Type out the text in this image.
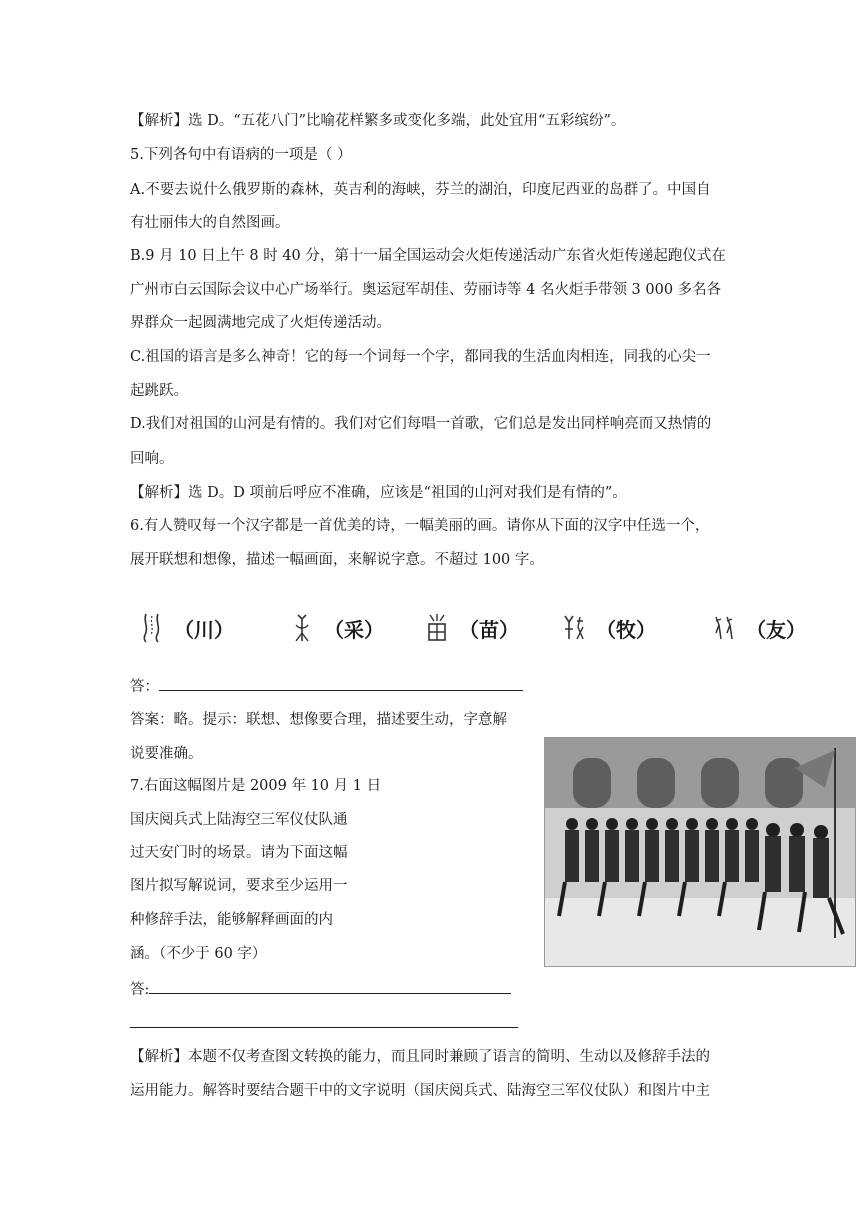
【解析】选 D。“五花八门”比喻花样繁多或变化多端，此处宜用“五彩缤纷”。
5.下列各句中有语病的一项是（ ）
A.不要去说什么俄罗斯的森林，英吉利的海峡，芬兰的湖泊，印度尼西亚的岛群了。中国自
有壮丽伟大的自然图画。
B.9 月 10 日上午 8 时 40 分，第十一届全国运动会火炬传递活动广东省火炬传递起跑仪式在
广州市白云国际会议中心广场举行。奥运冠军胡佳、劳丽诗等 4 名火炬手带领 3 000 多名各
界群众一起圆满地完成了火炬传递活动。
C.祖国的语言是多么神奇！它的每一个词每一个字，都同我的生活血肉相连，同我的心尖一
起跳跃。
D.我们对祖国的山河是有情的。我们对它们每唱一首歌，它们总是发出同样响亮而又热情的
回响。
【解析】选 D。D 项前后呼应不准确，应该是“祖国的山河对我们是有情的”。
6.有人赞叹每一个汉字都是一首优美的诗，一幅美丽的画。请你从下面的汉字中任选一个，
展开联想和想像，描述一幅画面，来解说字意。不超过 100 字。
（川）	（采）	（苗）	（牧）	（友）
答：
答案：略。提示：联想、想像要合理，描述要生动，字意解
说要准确。
7.右面这幅图片是 2009 年 10 月 1 日
国庆阅兵式上陆海空三军仪仗队通
过天安门时的场景。请为下面这幅
图片拟写解说词，要求至少运用一
种修辞手法，能够解释画面的内
涵。（不少于 60 字）
答:
【解析】本题不仅考查图文转换的能力，而且同时兼顾了语言的简明、生动以及修辞手法的
运用能力。解答时要结合题干中的文字说明（国庆阅兵式、陆海空三军仪仗队）和图片中主
